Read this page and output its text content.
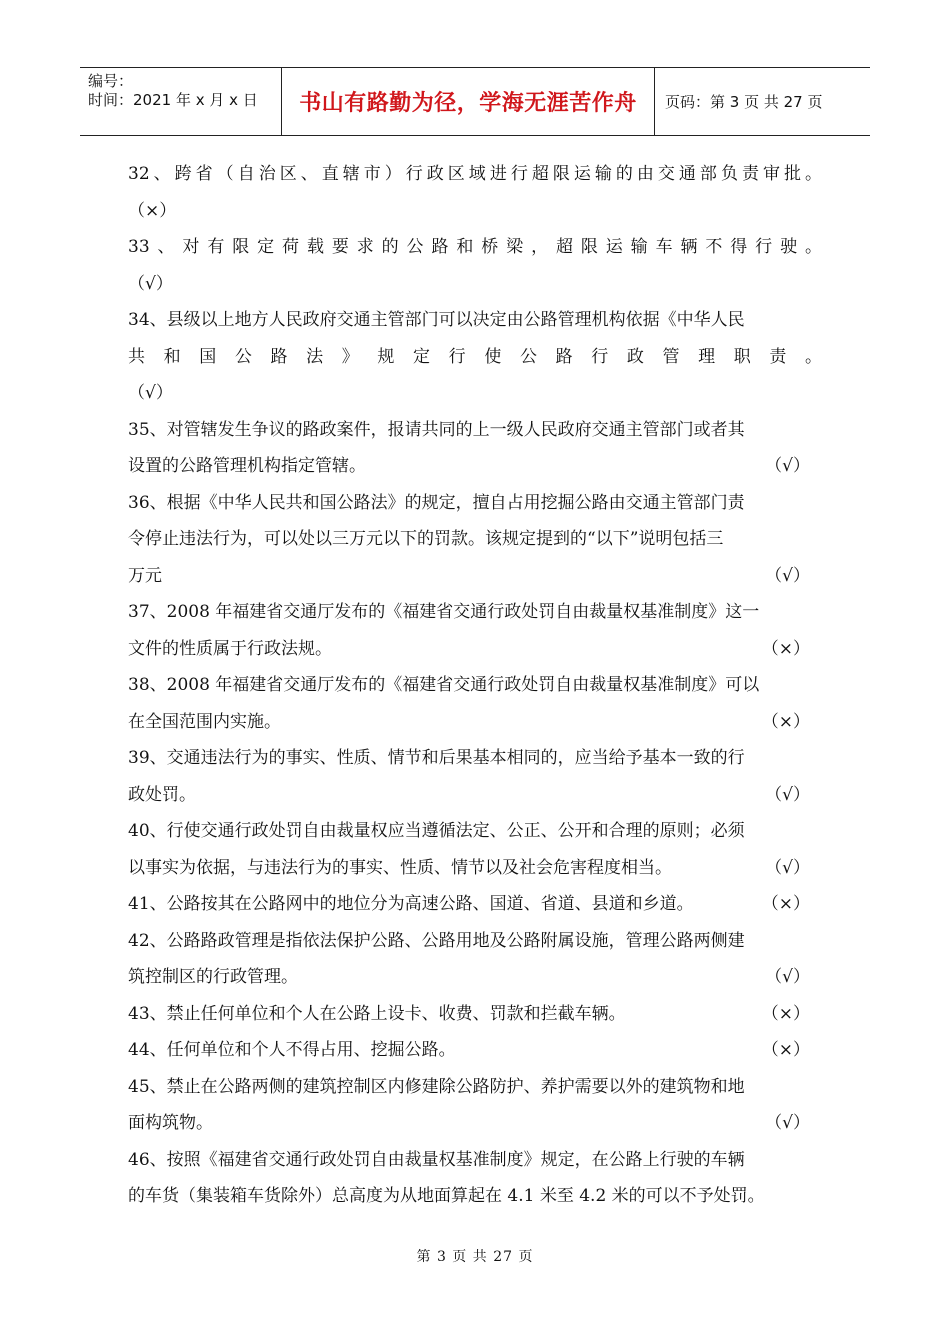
编号：
时间：2021 年 x 月 x 日	书山有路勤为径，学海无涯苦作舟 页码：第 3 页 共 27 页
32、跨省（自治区、直辖市）行政区域进行超限运输的由交通部负责审批。
（×）
33、对有限定荷载要求的公路和桥梁，超限运输车辆不得行驶。
（√）
34、县级以上地方人民政府交通主管部门可以决定由公路管理机构依据《中华人民
共和国公路法》规定行使公路行政管理职责。
（√）
35、对管辖发生争议的路政案件，报请共同的上一级人民政府交通主管部门或者其
设置的公路管理机构指定管辖。	（√）
36、根据《中华人民共和国公路法》的规定，擅自占用挖掘公路由交通主管部门责
令停止违法行为，可以处以三万元以下的罚款。该规定提到的“以下”说明包括三
万元	（√）
37、2008 年福建省交通厅发布的《福建省交通行政处罚自由裁量权基准制度》这一
文件的性质属于行政法规。	（×）
38、2008 年福建省交通厅发布的《福建省交通行政处罚自由裁量权基准制度》可以
在全国范围内实施。	（×）
39、交通违法行为的事实、性质、情节和后果基本相同的，应当给予基本一致的行
政处罚。	（√）
40、行使交通行政处罚自由裁量权应当遵循法定、公正、公开和合理的原则；必须
以事实为依据，与违法行为的事实、性质、情节以及社会危害程度相当。	（√）
41、公路按其在公路网中的地位分为高速公路、国道、省道、县道和乡道。	（×）
42、公路路政管理是指依法保护公路、公路用地及公路附属设施，管理公路两侧建
筑控制区的行政管理。	（√）
43、禁止任何单位和个人在公路上设卡、收费、罚款和拦截车辆。	（×）
44、任何单位和个人不得占用、挖掘公路。	（×）
45、禁止在公路两侧的建筑控制区内修建除公路防护、养护需要以外的建筑物和地
面构筑物。	（√）
46、按照《福建省交通行政处罚自由裁量权基准制度》规定，在公路上行驶的车辆
的车货（集装箱车货除外）总高度为从地面算起在 4.1 米至 4.2 米的可以不予处罚。
第 3 页 共 27 页
